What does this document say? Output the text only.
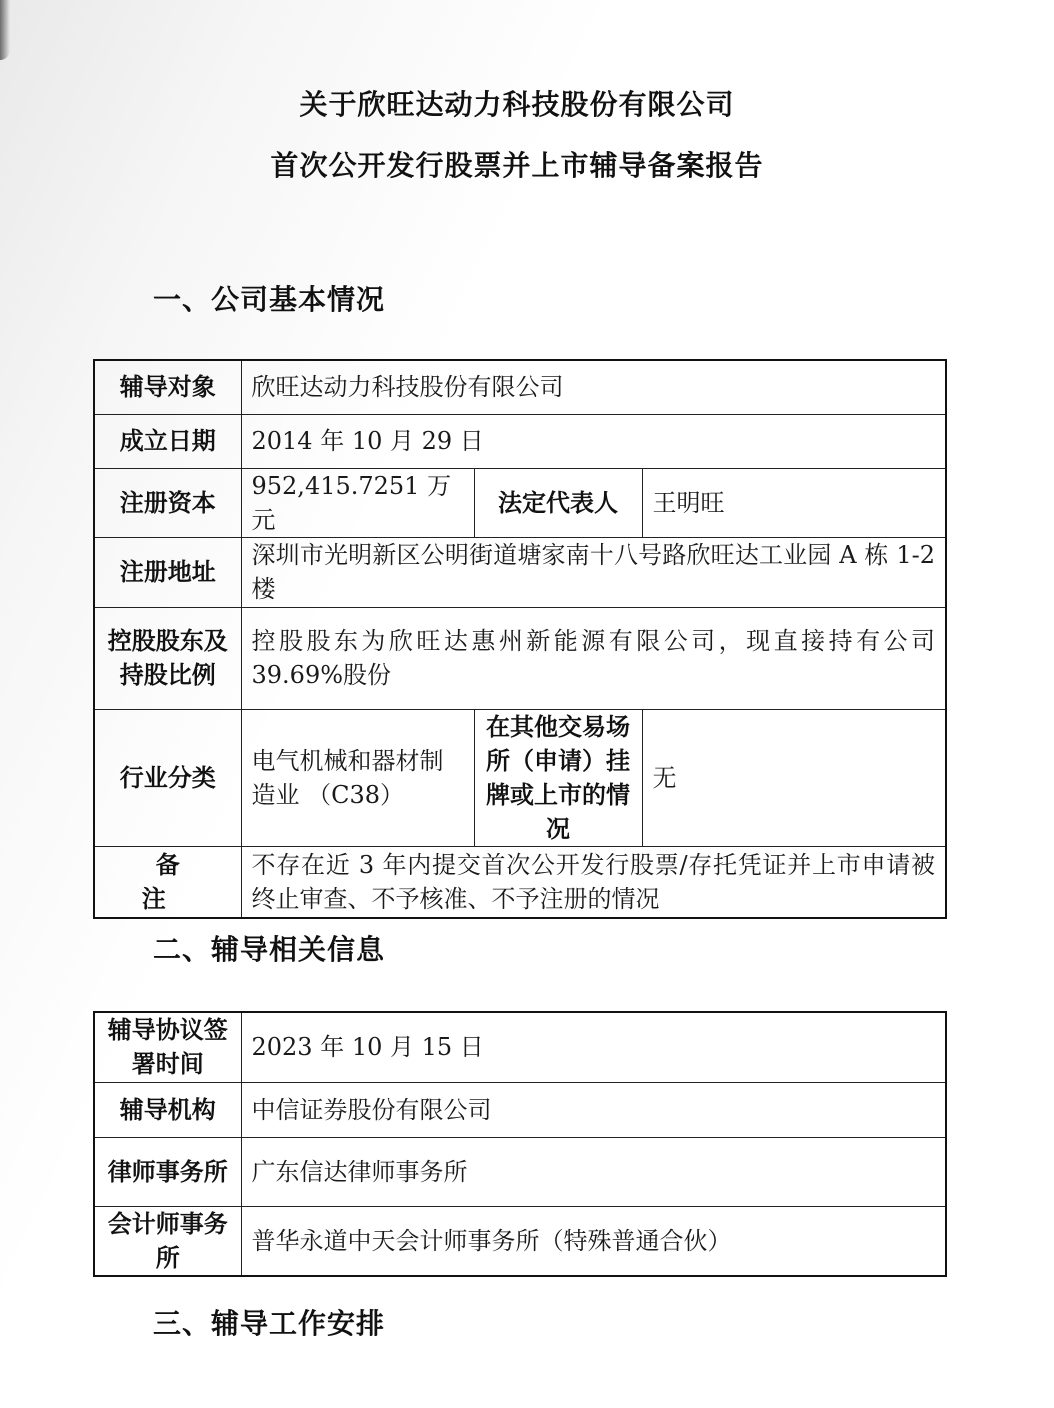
关于欣旺达动力科技股份有限公司
首次公开发行股票并上市辅导备案报告
一、公司基本情况
辅导对象	欣旺达动力科技股份有限公司		
成立日期	2014 年 10 月 29 日		
注册资本	952,415.7251 万元	法定代表人	王明旺
注册地址	深圳市光明新区公明街道塘家南十八号路欣旺达工业园 A 栋 1-2 楼		
控股股东及持股比例	控股股东为欣旺达惠州新能源有限公司，现直接持有公司 39.69%股份		
行业分类	电气机械和器材制造业 （C38）	在其他交易场所（申请）挂牌或上市的情况	无
备注	不存在近 3 年内提交首次公开发行股票/存托凭证并上市申请被终止审查、不予核准、不予注册的情况		
二、辅导相关信息
辅导协议签署时间	2023 年 10 月 15 日
辅导机构	中信证券股份有限公司
律师事务所	广东信达律师事务所
会计师事务所	普华永道中天会计师事务所（特殊普通合伙）
三、辅导工作安排
